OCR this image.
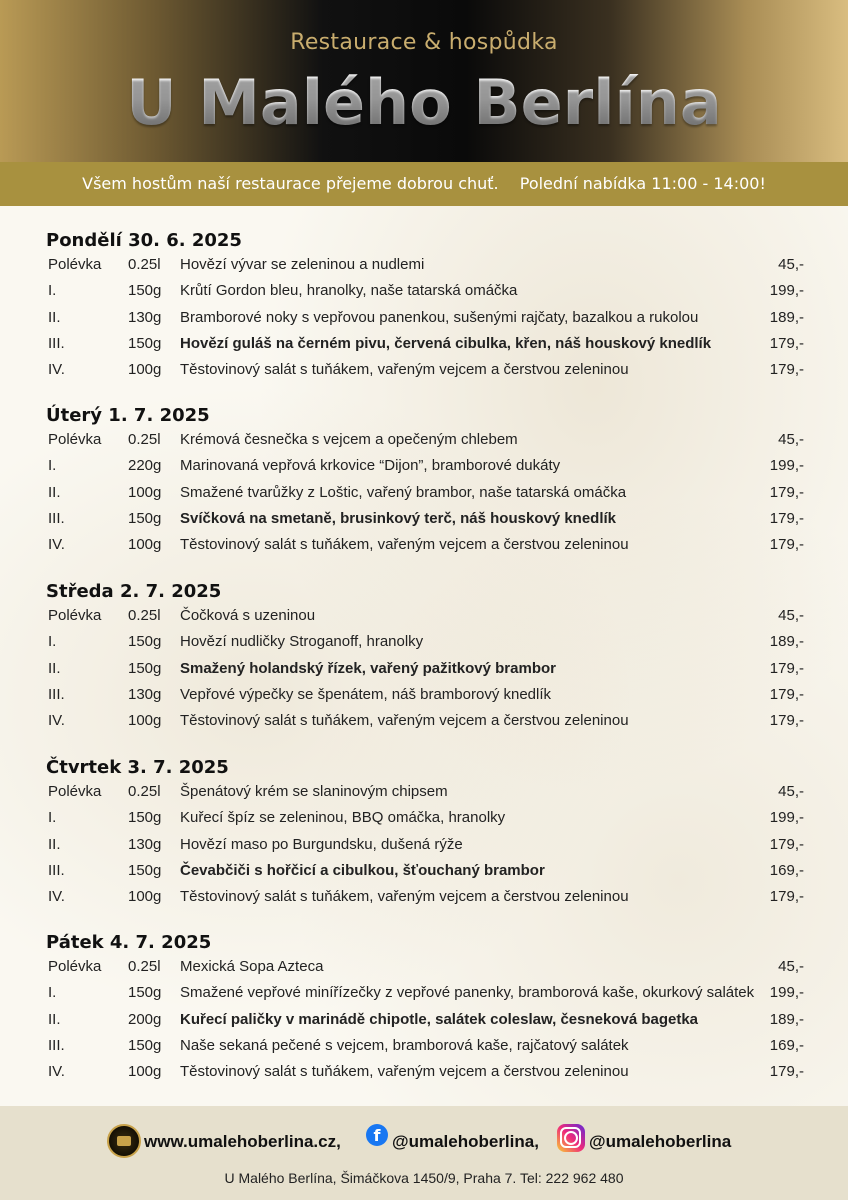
Restaurace & hospůdka
U Malého Berlína
Všem hostům naší restaurace přejeme dobrou chuť. Polední nabídka 11:00 - 14:00!
Pondělí 30. 6. 2025
Polévka 0.25l Hovězí vývar se zeleninou a nudlemi	45,-
I.	150g Krůtí Gordon bleu, hranolky, naše tatarská omáčka	199,-
II.	130g Bramborové noky s vepřovou panenkou, sušenými rajčaty, bazalkou a rukolou	189,-
III.	150g Hovězí guláš na černém pivu, červená cibulka, křen, náš houskový knedlík	179,-
IV.	100g Těstovinový salát s tuňákem, vařeným vejcem a čerstvou zeleninou	179,-
Úterý 1. 7. 2025
Polévka 0.25l Krémová česnečka s vejcem a opečeným chlebem	45,-
I.	220g Marinovaná vepřová krkovice “Dijon”, bramborové dukáty	199,-
II.	100g Smažené tvarůžky z Loštic, vařený brambor, naše tatarská omáčka	179,-
III.	150g Svíčková na smetaně, brusinkový terč, náš houskový knedlík	179,-
IV.	100g Těstovinový salát s tuňákem, vařeným vejcem a čerstvou zeleninou	179,-
Středa 2. 7. 2025
Polévka 0.25l Čočková s uzeninou	45,-
I.	150g Hovězí nudličky Stroganoff, hranolky	189,-
II.	150g Smažený holandský řízek, vařený pažitkový brambor	179,-
III.	130g Vepřové výpečky se špenátem, náš bramborový knedlík	179,-
IV.	100g Těstovinový salát s tuňákem, vařeným vejcem a čerstvou zeleninou	179,-
Čtvrtek 3. 7. 2025
Polévka 0.25l Špenátový krém se slaninovým chipsem	45,-
I.	150g Kuřecí špíz se zeleninou, BBQ omáčka, hranolky	199,-
II.	130g Hovězí maso po Burgundsku, dušená rýže	179,-
III.	150g Čevabčiči s hořčicí a cibulkou, šťouchaný brambor	169,-
IV.	100g Těstovinový salát s tuňákem, vařeným vejcem a čerstvou zeleninou	179,-
Pátek 4. 7. 2025
Polévka 0.25l Mexická Sopa Azteca	45,-
I.	150g Smažené vepřové minířízečky z vepřové panenky, bramborová kaše, okurkový salátek 199,-
II.	200g Kuřecí paličky v marinádě chipotle, salátek coleslaw, česneková bagetka	189,-
III.	150g Naše sekaná pečené s vejcem, bramborová kaše, rajčatový salátek	169,-
IV.	100g Těstovinový salát s tuňákem, vařeným vejcem a čerstvou zeleninou	179,-
www.umalehoberlina.cz,	f @umalehoberlina,	@umalehoberlina
U Malého Berlína, Šimáčkova 1450/9, Praha 7. Tel: 222 962 480
